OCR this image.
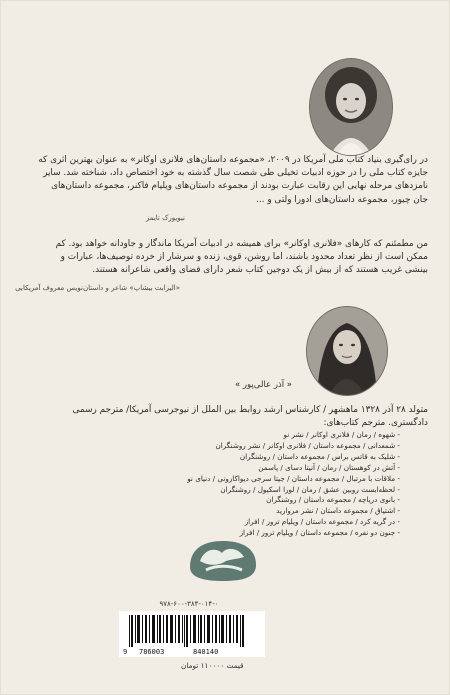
در رای‌گیری بنیاد کتاب ملی آمریکا در ۲۰۰۹، «مجموعه داستان‌های فلانری اوکانر» به عنوان بهترین اثری که جایزه کتاب ملی را در حوزه ادبیات تخیلی طی شصت سال گذشته به خود اختصاص داد، شناخته شد. سایر نامزدهای مرحله نهایی این رقابت عبارت بودند از مجموعه داستان‌های ویلیام فاکنر، مجموعه داستان‌های جان چیور، مجموعه داستان‌های ادورا ولتی و ...
نیویورک تایمز
من مطمئنم که کارهای «فلانری اوکانر» برای همیشه در ادبیات آمریکا ماندگار و جاودانه خواهد بود. کم ممکن است از نظر تعداد محدود باشند، اما روشن، قوی، زنده و سرشار از خرده توصیف‌ها، عبارات و بینشی غریب هستند که از بیش از یک دوجین کتاب شعر دارای فضای واقعی شاعرانه هستند.
«الیزابت بیشاپ» شاعر و داستان‌نویس معروف آمریکایی
« آذر عالی‌پور »
متولد ۲۸ آذر ۱۳۲۸ ماهشهر / کارشناس ارشد روابط بین الملل از نیوجرسی آمریکا/ مترجم رسمی دادگستری. مترجم کتاب‌های:
- شهوه / رمان / فلانری اوکانر / نشر نو
- شمعدانی / مجموعه داستان / فلانری اوکانر / نشر روشنگران
- شلیک به قاتس براس / مجموعه داستان / روشنگران
- آتش در کوهستان / رمان / آنیتا دسای / پاسمن
- ملاقات با مرتبال / مجموعه داستان / جیتا سرجی دیواکارونی / دنیای نو
- لحظه‌ابست روبین عشق / رمان / لورا اسکیول / روشنگران
- بانوی دریاچه / مجموعه داستان / روشنگران
- اشتیاق / مجموعه داستان / نشر مروارید
- در گریه کرد / مجموعه داستان / ویلیام ترور / افراز
- جنون دو نفره / مجموعه داستان / ویلیام ترور / افراز
۹۷۸-۶۰۰-۳۸۴-۰۱۴-۰
9 786003	840140
قیمت ۱۱۰۰۰۰ تومان
